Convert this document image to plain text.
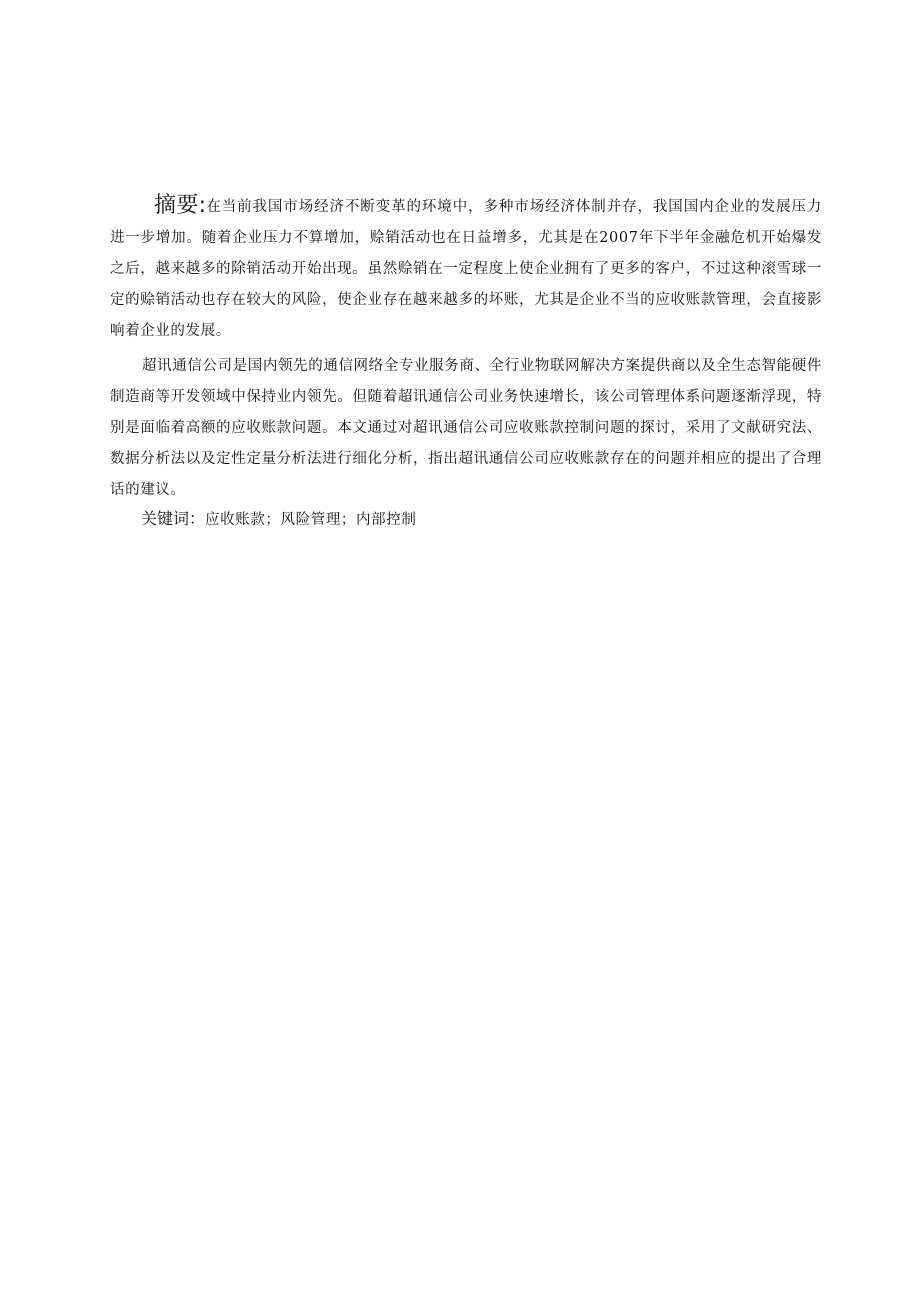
摘要:在当前我国市场经济不断变革的环境中，多种市场经济体制并存，我国国内企业的发展压力进一步增加。随着企业压力不算增加，赊销活动也在日益增多，尤其是在2007年下半年金融危机开始爆发之后，越来越多的除销活动开始出现。虽然赊销在一定程度上使企业拥有了更多的客户，不过这种滚雪球一定的赊销活动也存在较大的风险，使企业存在越来越多的坏账，尤其是企业不当的应收账款管理，会直接影响着企业的发展。

超讯通信公司是国内领先的通信网络全专业服务商、全行业物联网解决方案提供商以及全生态智能硬件制造商等开发领域中保持业内领先。但随着超讯通信公司业务快速增长，该公司管理体系问题逐渐浮现，特别是面临着高额的应收账款问题。本文通过对超讯通信公司应收账款控制问题的探讨，采用了文献研究法、数据分析法以及定性定量分析法进行细化分析，指出超讯通信公司应收账款存在的问题并相应的提出了合理话的建议。

关键词：应收账款；风险管理；内部控制
